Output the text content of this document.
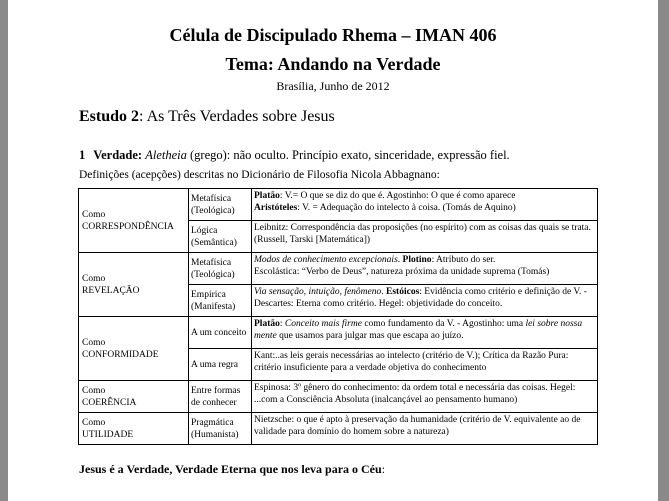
Célula de Discipulado Rhema – IMAN 406
Tema: Andando na Verdade
Brasília, Junho de 2012
Estudo 2: As Três Verdades sobre Jesus
1 Verdade: Aletheia (grego): não oculto. Princípio exato, sinceridade, expressão fiel.
Definições (acepções) descritas no Dicionário de Filosofia Nicola Abbagnano:
Como
CORRESPONDÊNCIA	Metafísica (Teológica)	Platão: V.= O que se diz do que é. Agostinho: O que é como aparece
Aristóteles: V. = Adequação do intelecto à coisa. (Tomás de Aquino)
	Lógica (Semântica)	Leibnitz: Correspondência das proposições (no espírito) com as coisas das quais se trata. (Russell, Tarski [Matemática])

Como
REVELAÇÃO	Metafísica (Teológica)	Modos de conhecimento excepcionais. Plotino: Atributo do ser.
Escolástica: “Verbo de Deus”, natureza próxima da unidade suprema (Tomás)
	Empírica (Manifesta)	Via sensação, intuição, fenômeno. Estóicos: Evidência como critério e definição de V. - Descartes: Eterna como critério. Hegel: objetividade do conceito.

Como
CONFORMIDADE	A um conceito	Platão: Conceito mais firme como fundamento da V. - Agostinho: uma lei sobre nossa mente que usamos para julgar mas que escapa ao juízo.
	A uma regra	Kant:..as leis gerais necessárias ao intelecto (critério de V.); Crítica da Razão Pura: critério insuficiente para a verdade objetiva do conhecimento

Como
COERÊNCIA	Entre formas de conhecer	Espinosa: 3º gênero do conhecimento: da ordem total e necessária das coisas. Hegel: ...com a Consciência Absoluta (inalcançável ao pensamento humano)

Como
UTILIDADE	Pragmática (Humanista)	Nietzsche: o que é apto à preservação da humanidade (critério de V. equivalente ao de validade para domínio do homem sobre a natureza)
Jesus é a Verdade, Verdade Eterna que nos leva para o Céu:
